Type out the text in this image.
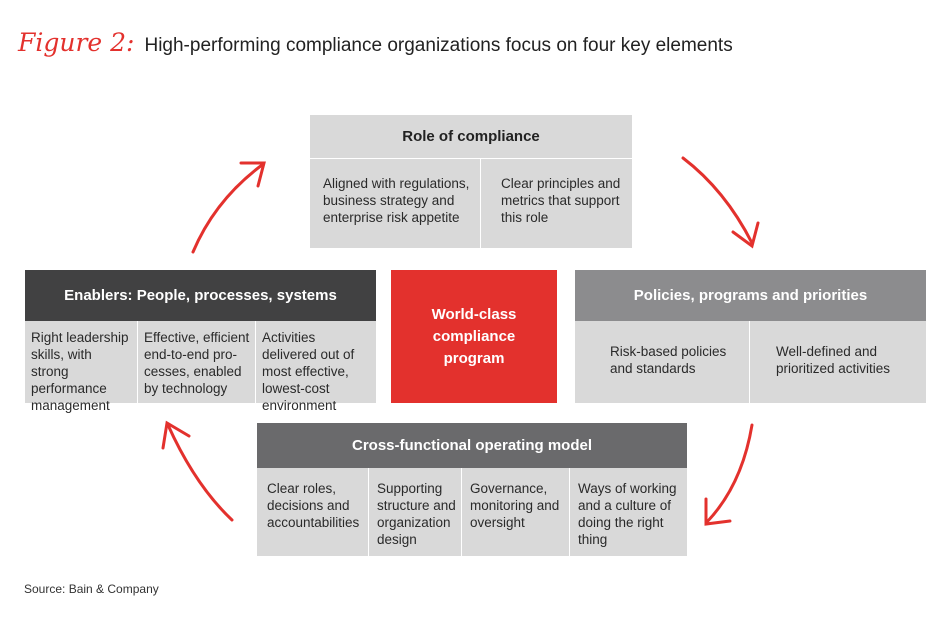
Figure 2: High-performing compliance organizations focus on four key elements
Role of compliance
Aligned with regulations, business strategy and enterprise risk appetite
Clear principles and metrics that support this role
Enablers: People, processes, systems
Right leadership skills, with strong performance management
Effective, efficient end-to-end pro-cesses, enabled by technology
Activities delivered out of most effective, lowest-cost environment
World-class compliance program
Policies, programs and priorities
Risk-based policies and standards
Well-defined and prioritized activities
Cross-functional operating model
Clear roles, decisions and accountabilities
Supporting structure and organization design
Governance, monitoring and oversight
Ways of working and a culture of doing the right thing
Source: Bain & Company
